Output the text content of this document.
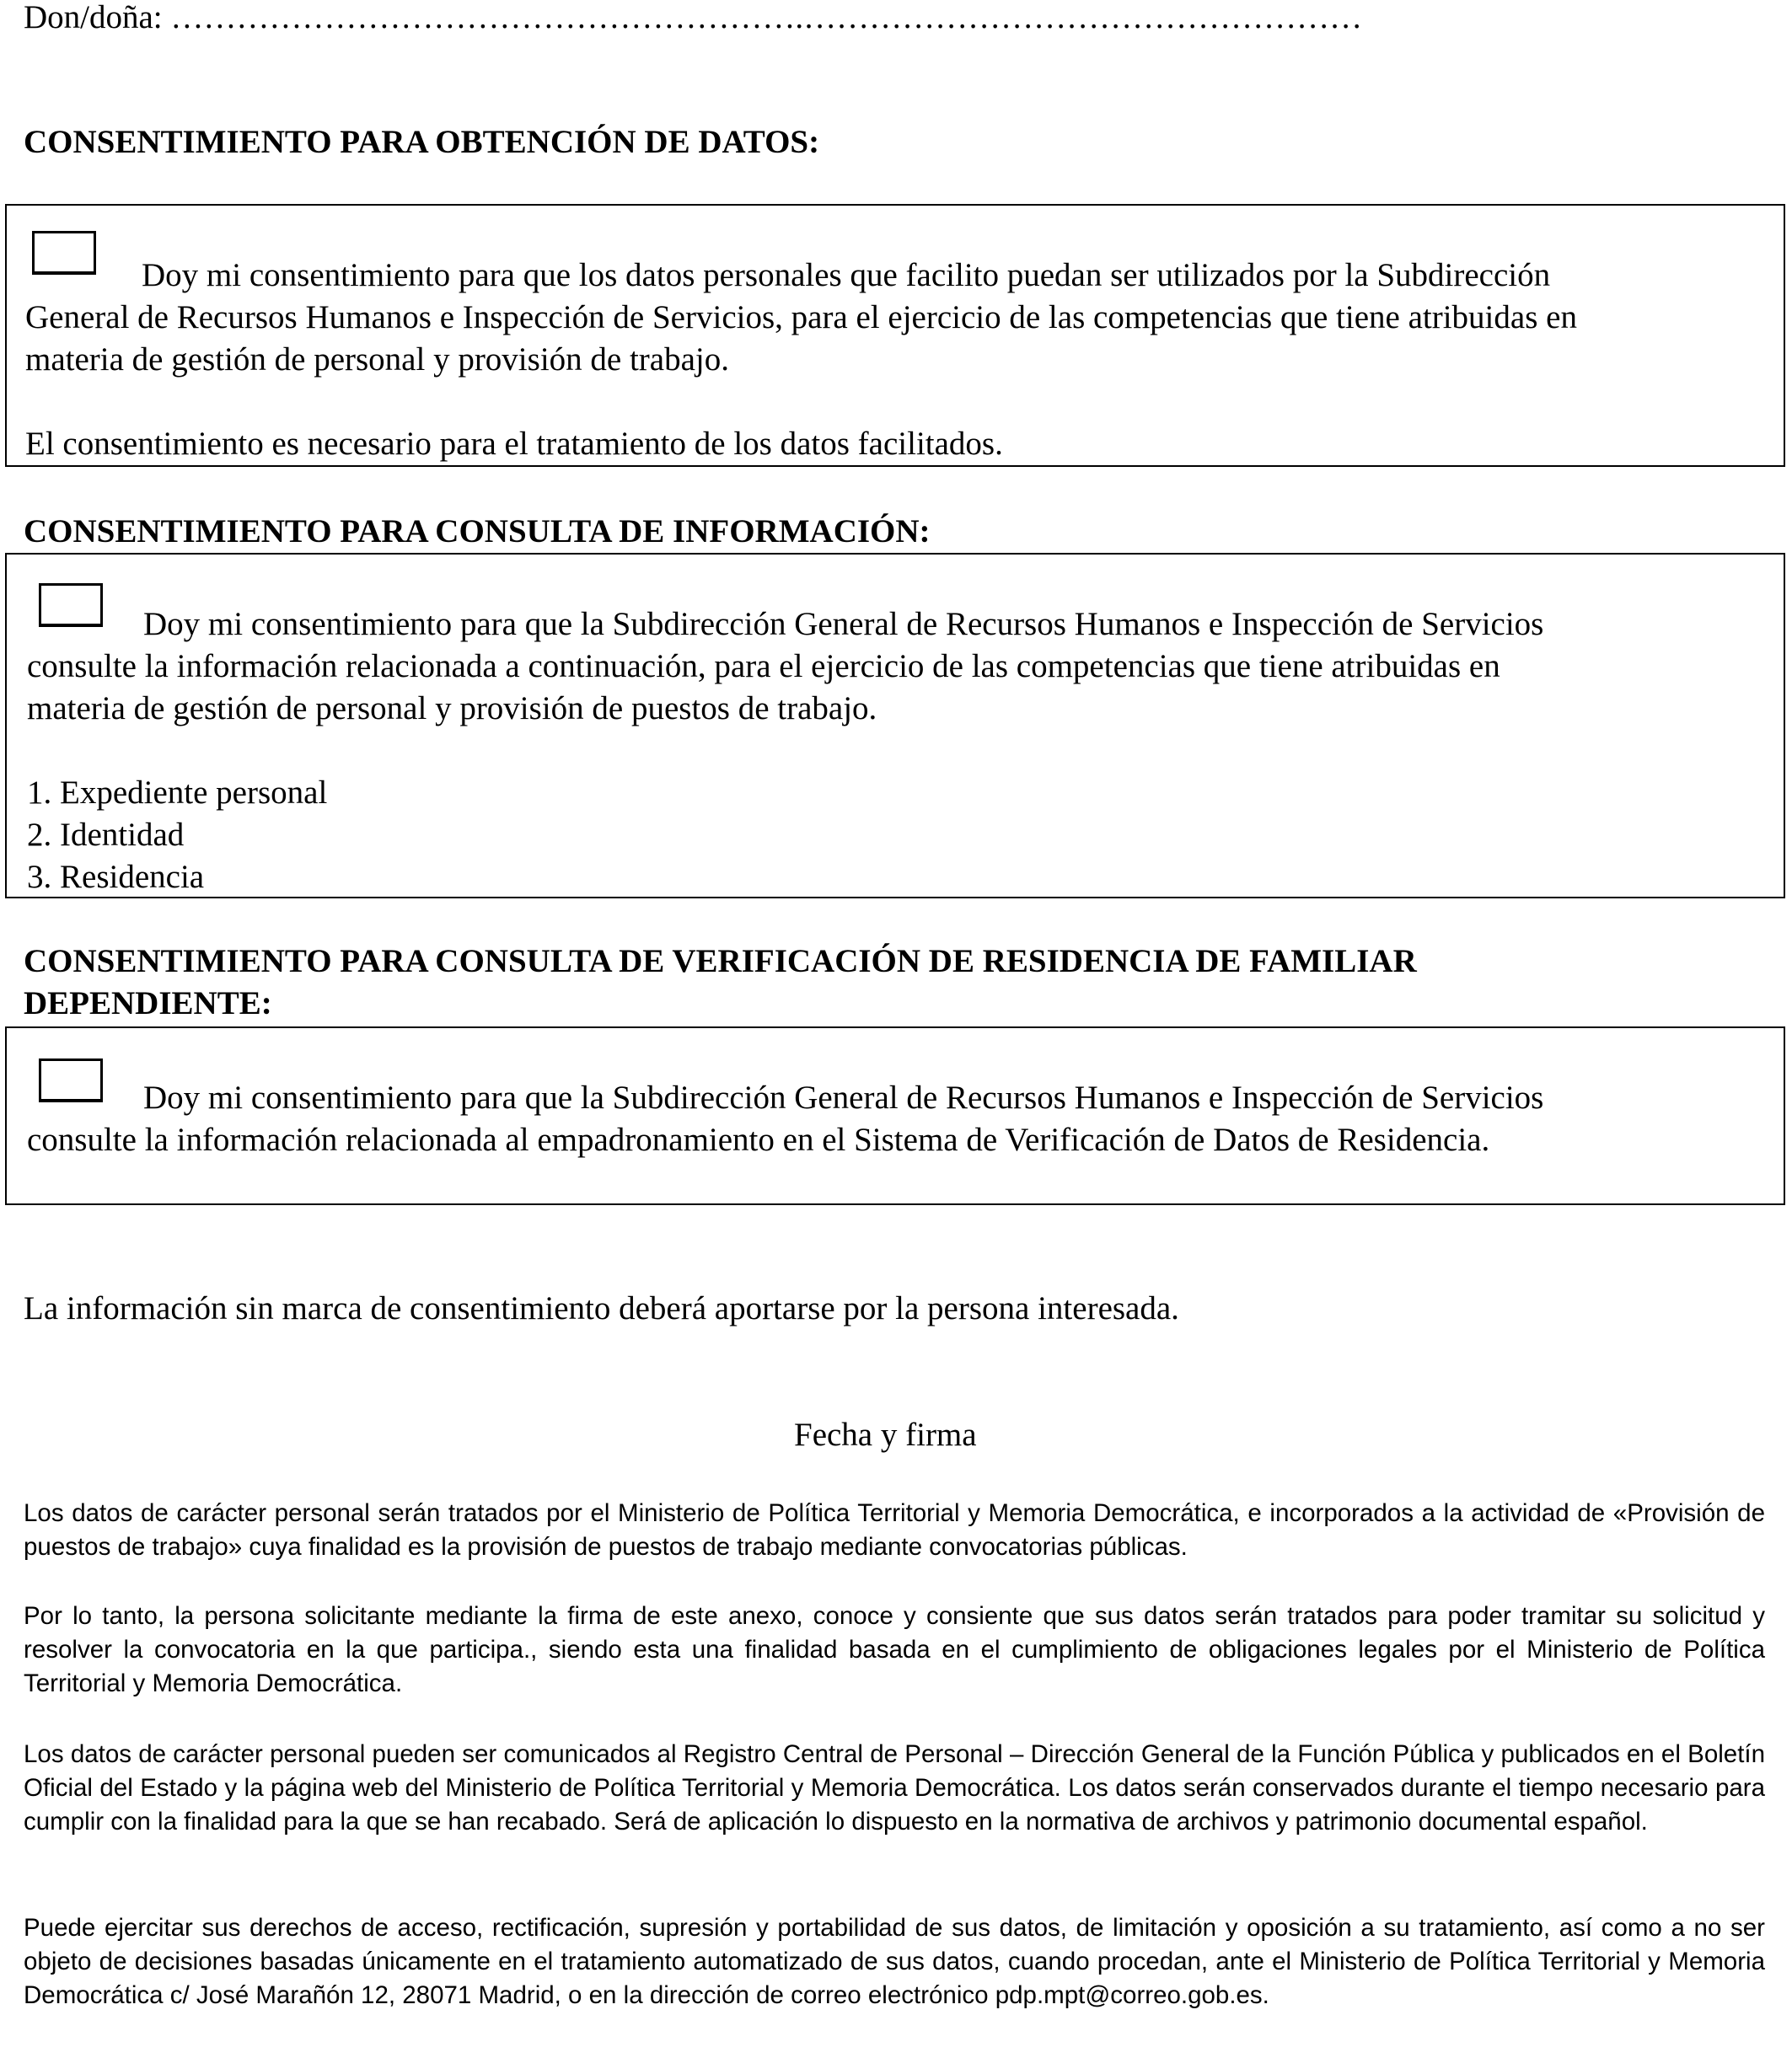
Don/doña: ………………………………………………….……………………………………………
CONSENTIMIENTO PARA OBTENCIÓN DE DATOS:
Doy mi consentimiento para que los datos personales que facilito puedan ser utilizados por la Subdirección
General de Recursos Humanos e Inspección de Servicios, para el ejercicio de las competencias que tiene atribuidas en
materia de gestión de personal y provisión de trabajo.
El consentimiento es necesario para el tratamiento de los datos facilitados.
CONSENTIMIENTO PARA CONSULTA DE INFORMACIÓN:
Doy mi consentimiento para que la Subdirección General de Recursos Humanos e Inspección de Servicios
consulte la información relacionada a continuación, para el ejercicio de las competencias que tiene atribuidas en
materia de gestión de personal y provisión de puestos de trabajo.
1. Expediente personal
2. Identidad
3. Residencia
CONSENTIMIENTO PARA CONSULTA DE VERIFICACIÓN DE RESIDENCIA DE FAMILIAR
DEPENDIENTE:
Doy mi consentimiento para que la Subdirección General de Recursos Humanos e Inspección de Servicios
consulte la información relacionada al empadronamiento en el Sistema de Verificación de Datos de Residencia.
La información sin marca de consentimiento deberá aportarse por la persona interesada.
Fecha y firma
Los datos de carácter personal serán tratados por el Ministerio de Política Territorial y Memoria Democrática, e incorporados a la actividad de «Provisión de puestos de trabajo» cuya finalidad es la provisión de puestos de trabajo mediante convocatorias públicas.
Por lo tanto, la persona solicitante mediante la firma de este anexo, conoce y consiente que sus datos serán tratados para poder tramitar su solicitud y resolver la convocatoria en la que participa., siendo esta una finalidad basada en el cumplimiento de obligaciones legales por el Ministerio de Política Territorial y Memoria Democrática.
Los datos de carácter personal pueden ser comunicados al Registro Central de Personal – Dirección General de la Función Pública y publicados en el Boletín Oficial del Estado y la página web del Ministerio de Política Territorial y Memoria Democrática. Los datos serán conservados durante el tiempo necesario para cumplir con la finalidad para la que se han recabado. Será de aplicación lo dispuesto en la normativa de archivos y patrimonio documental español.
Puede ejercitar sus derechos de acceso, rectificación, supresión y portabilidad de sus datos, de limitación y oposición a su tratamiento, así como a no ser objeto de decisiones basadas únicamente en el tratamiento automatizado de sus datos, cuando procedan, ante el Ministerio de Política Territorial y Memoria Democrática c/ José Marañón 12, 28071 Madrid, o en la dirección de correo electrónico pdp.mpt@correo.gob.es.
